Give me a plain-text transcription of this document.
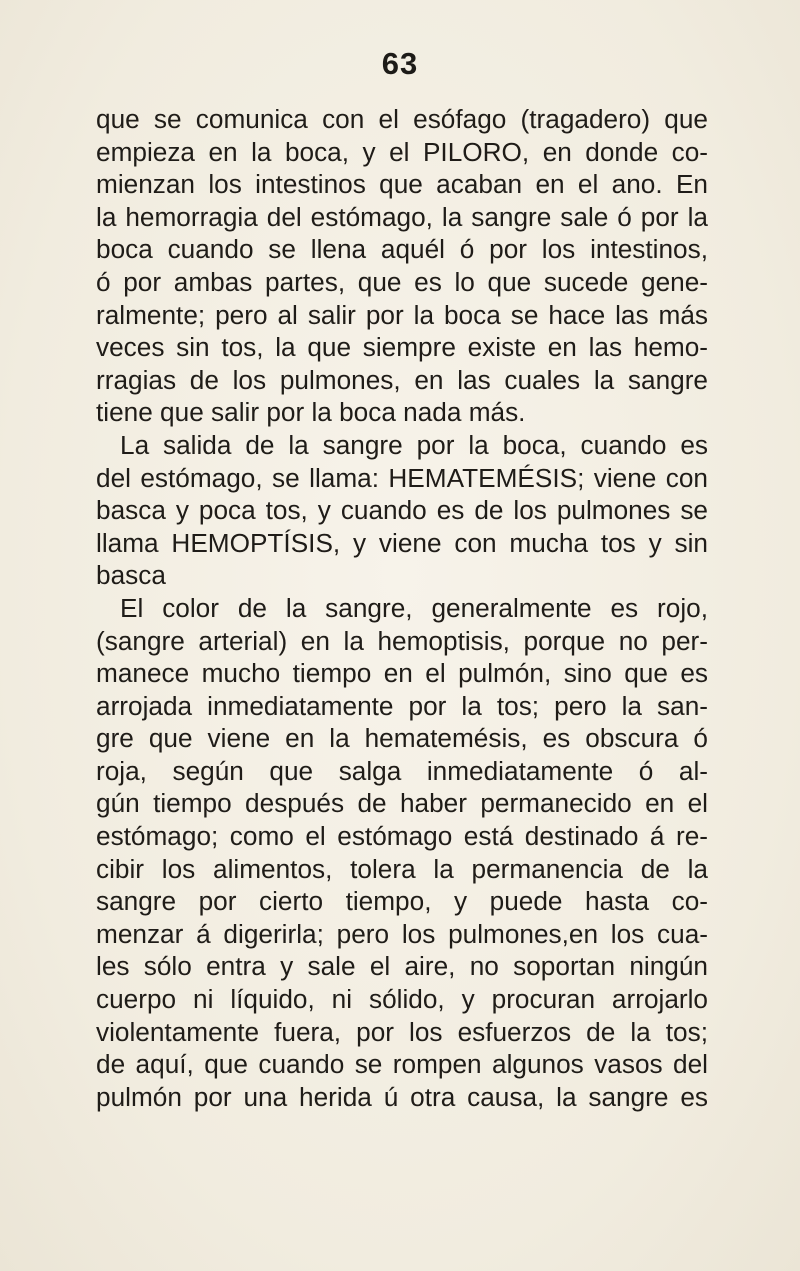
63
que se comunica con el esófago (tragadero) que
empieza en la boca, y el PILORO, en donde co-
mienzan los intestinos que acaban en el ano. En
la hemorragia del estómago, la sangre sale ó por la
boca cuando se llena aquél ó por los intestinos,
ó por ambas partes, que es lo que sucede gene-
ralmente; pero al salir por la boca se hace las más
veces sin tos, la que siempre existe en las hemo-
rragias de los pulmones, en las cuales la sangre
tiene que salir por la boca nada más.
La salida de la sangre por la boca, cuando es
del estómago, se llama: HEMATEMÉSIS; viene con
basca y poca tos, y cuando es de los pulmones se
llama HEMOPTÍSIS, y viene con mucha tos y sin
basca
El color de la sangre, generalmente es rojo,
(sangre arterial) en la hemoptisis, porque no per-
manece mucho tiempo en el pulmón, sino que es
arrojada inmediatamente por la tos; pero la san-
gre que viene en la hematemésis, es obscura ó
roja, según que salga inmediatamente ó al-
gún tiempo después de haber permanecido en el
estómago; como el estómago está destinado á re-
cibir los alimentos, tolera la permanencia de la
sangre por cierto tiempo, y puede hasta co-
menzar á digerirla; pero los pulmones,en los cua-
les sólo entra y sale el aire, no soportan ningún
cuerpo ni líquido, ni sólido, y procuran arrojarlo
violentamente fuera, por los esfuerzos de la tos;
de aquí, que cuando se rompen algunos vasos del
pulmón por una herida ú otra causa, la sangre es
